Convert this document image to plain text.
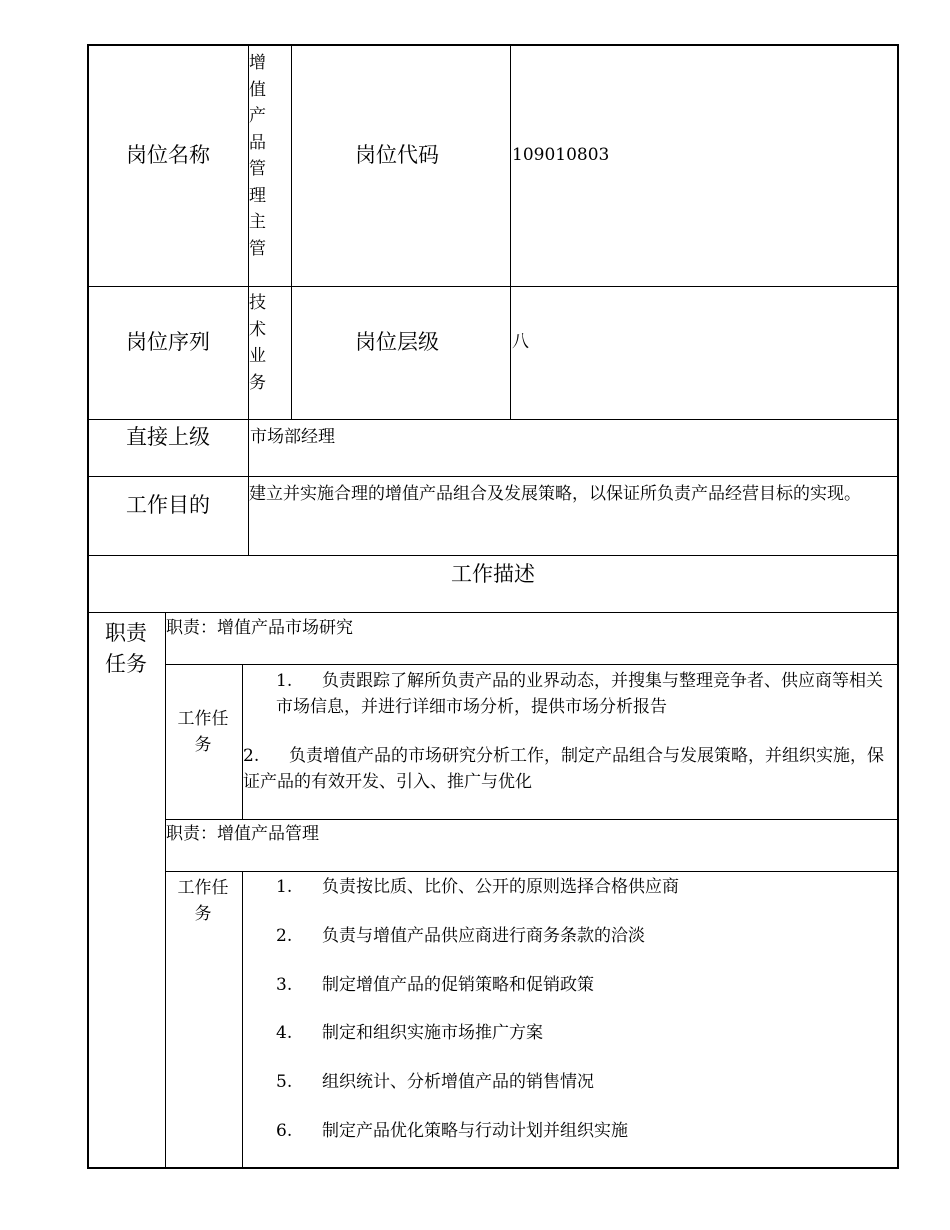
岗位名称
增值产品管理主管
岗位代码	109010803
岗位序列
技术业务
岗位层级	八
直接上级 市场部经理
工作目的 建立并实施合理的增值产品组合及发展策略，以保证所负责产品经营目标的实现。
工作描述
职责任务
职责：增值产品市场研究
工作任务
1. 负责跟踪了解所负责产品的业界动态，并搜集与整理竞争者、供应商等相关市场信息，并进行详细市场分析，提供市场分析报告
2. 负责增值产品的市场研究分析工作，制定产品组合与发展策略，并组织实施，保证产品的有效开发、引入、推广与优化
职责：增值产品管理
工作任务
1. 负责按比质、比价、公开的原则选择合格供应商
2. 负责与增值产品供应商进行商务条款的洽淡
3. 制定增值产品的促销策略和促销政策
4. 制定和组织实施市场推广方案
5. 组织统计、分析增值产品的销售情况
6. 制定产品优化策略与行动计划并组织实施
